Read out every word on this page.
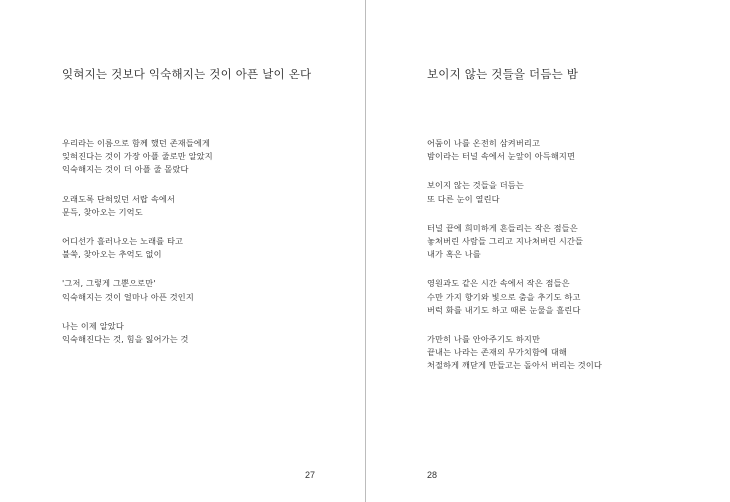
잊혀지는 것보다 익숙해지는 것이 아픈 날이 온다
우리라는 이름으로 함께 했던 존재들에게
잊혀진다는 것이 가장 아플 줄로만 알았지
익숙해지는 것이 더 아플 줄 몰랐다
오래도록 단혀있던 서랍 속에서
문득, 찾아오는 기억도
어디선가 흘러나오는 노래를 타고
불쑥, 찾아오는 추억도 없이
'그저, 그렇게 그뿐으로만'
익숙해지는 것이 얼마나 아픈 것인지
나는 이제 알았다
익숙해진다는 것, 힘을 잃어가는 것
27
보이지 않는 것들을 더듬는 밤
어둠이 나를 온전히 삼켜버리고
밤이라는 터널 속에서 눈앞이 아득해지면
보이지 않는 것들을 더듬는
또 다른 눈이 열린다
터널 끝에 희미하게 흔들리는 작은 점들은
놓쳐버린 사람들 그리고 지나쳐버린 시간들
내가 혹은 나를
영원과도 같은 시간 속에서 작은 점들은
수만 가지 향기와 빛으로 춤을 추기도 하고
버럭 화를 내기도 하고 때론 눈물을 흘린다
가만히 나를 안아주기도 하지만
끝내는 나라는 존재의 무가치함에 대해
처절하게 깨닫게 만들고는 돌아서 버리는 것이다
28
